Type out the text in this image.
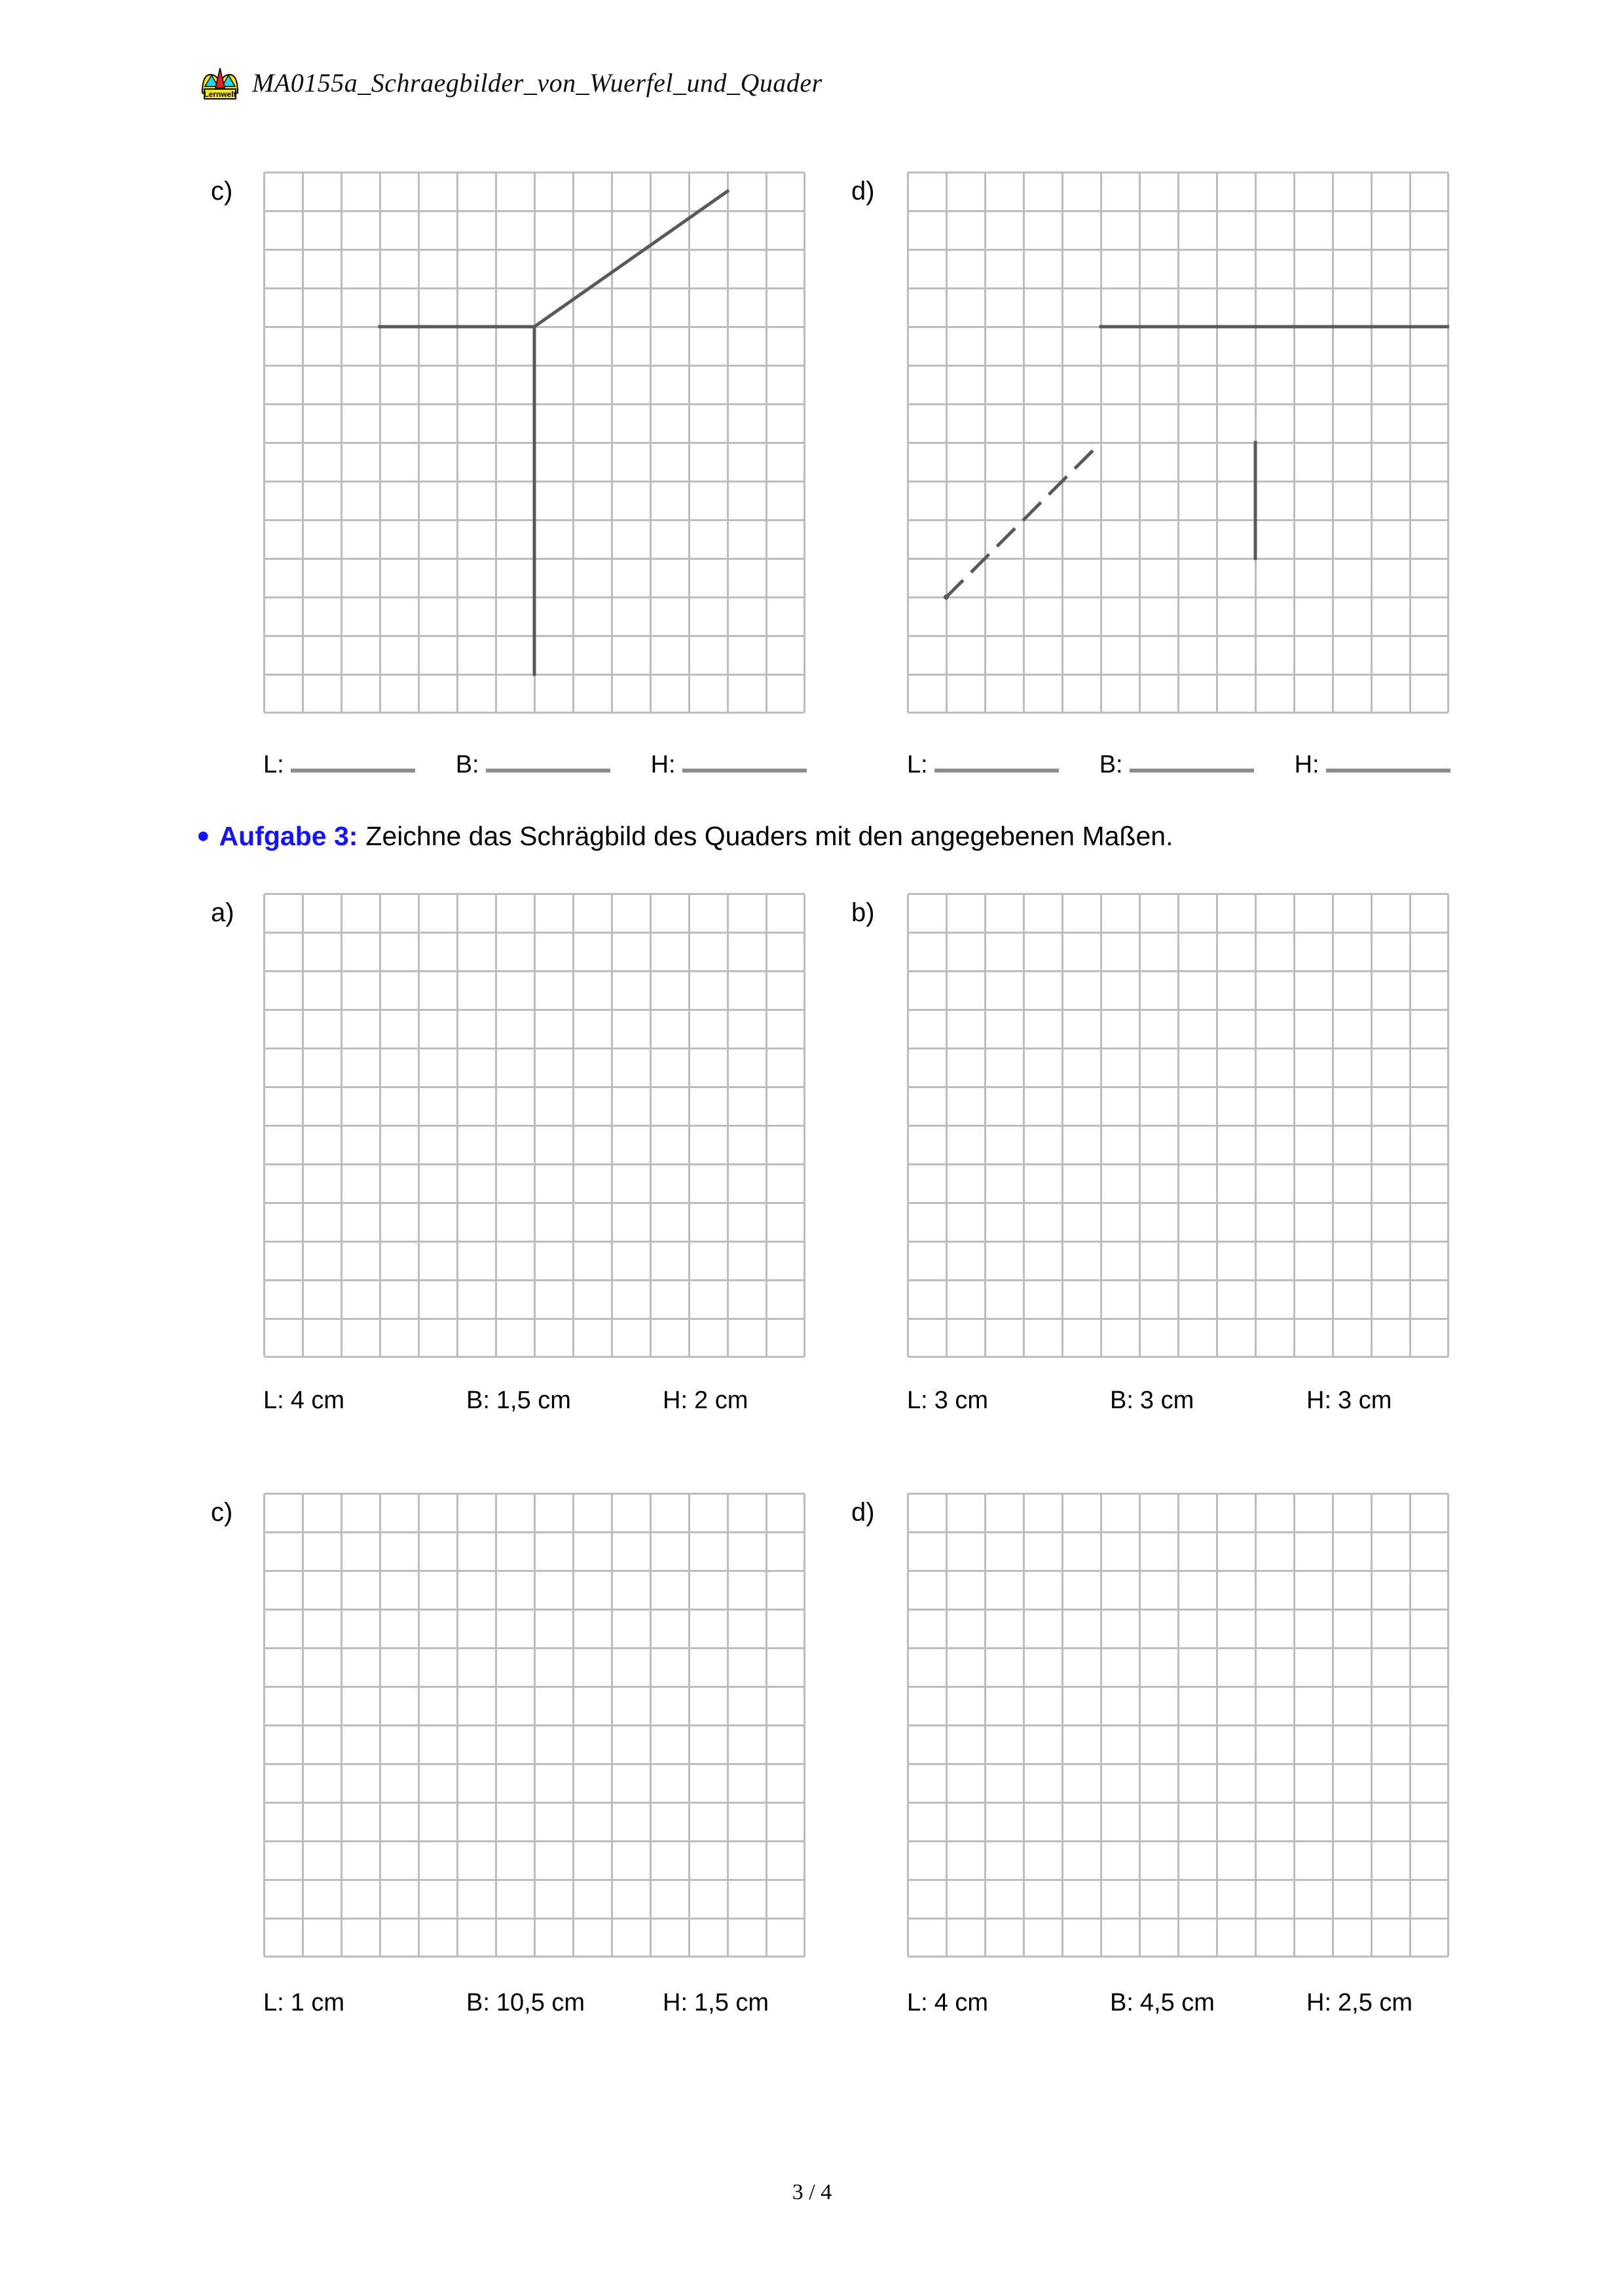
Lernwelt MA0155a_Schraegbilder_von_Wuerfel_und_Quader
c)
L:	B:	H:
d)
L:	B:	H:
● Aufgabe 3: Zeichne das Schrägbild des Quaders mit den angegebenen Maßen.
a)
L: 4 cm	B: 1,5 cm	H: 2 cm
b)
L: 3 cm	B: 3 cm	H: 3 cm
c)
L: 1 cm	B: 10,5 cm	H: 1,5 cm
d)
L: 4 cm	B: 4,5 cm	H: 2,5 cm
3 / 4
